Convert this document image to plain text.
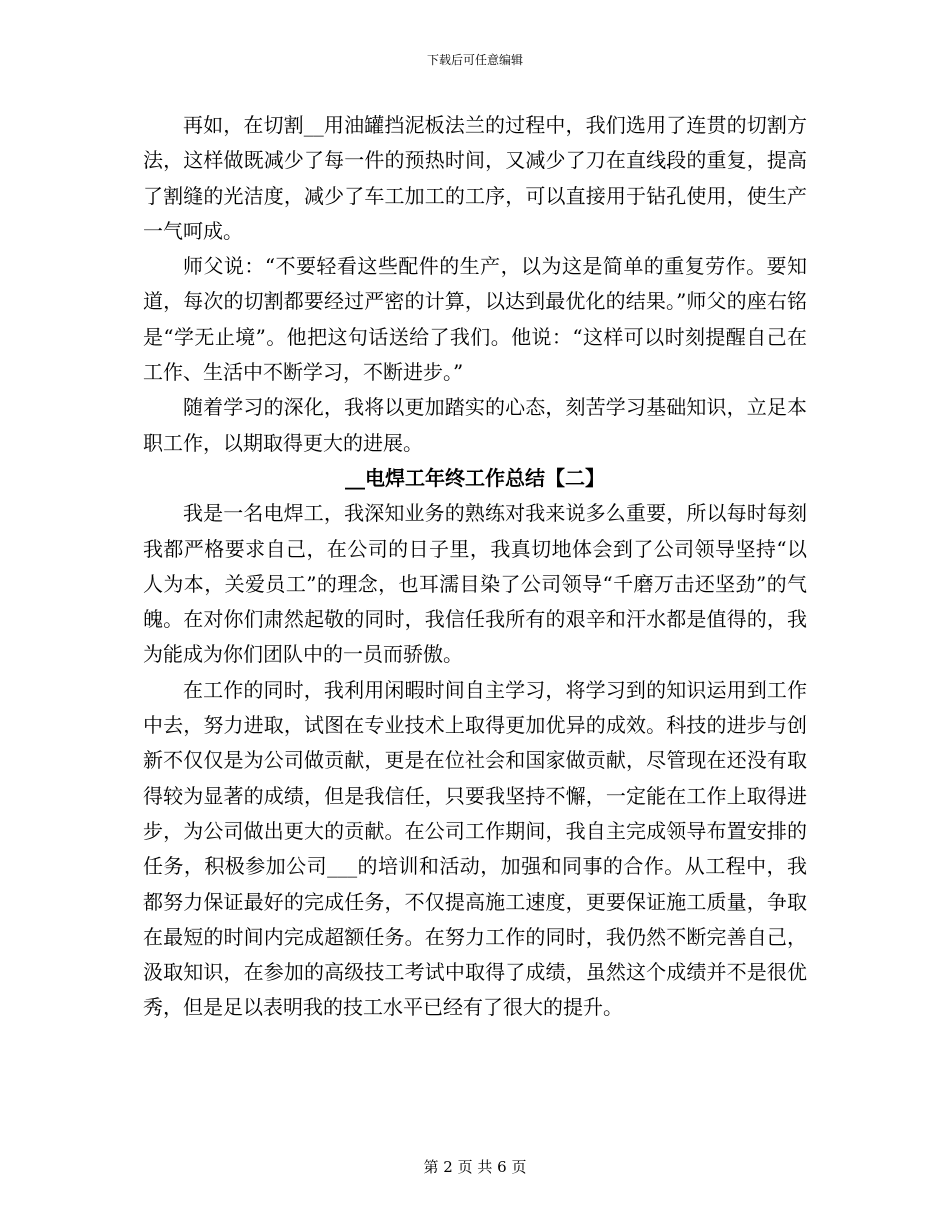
下载后可任意编辑

再如，在切割__用油罐挡泥板法兰的过程中，我们选用了连贯的切割方法，这样做既减少了每一件的预热时间，又减少了刀在直线段的重复，提高了割缝的光洁度，减少了车工加工的工序，可以直接用于钻孔使用，使生产一气呵成。

师父说：“不要轻看这些配件的生产，以为这是简单的重复劳作。要知道，每次的切割都要经过严密的计算，以达到最优化的结果。”师父的座右铭是“学无止境”。他把这句话送给了我们。他说：“这样可以时刻提醒自己在工作、生活中不断学习，不断进步。”

随着学习的深化，我将以更加踏实的心态，刻苦学习基础知识，立足本职工作，以期取得更大的进展。

__电焊工年终工作总结【二】

我是一名电焊工，我深知业务的熟练对我来说多么重要，所以每时每刻我都严格要求自己，在公司的日子里，我真切地体会到了公司领导坚持“以人为本，关爱员工”的理念，也耳濡目染了公司领导“千磨万击还坚劲”的气魄。在对你们肃然起敬的同时，我信任我所有的艰辛和汗水都是值得的，我为能成为你们团队中的一员而骄傲。

在工作的同时，我利用闲暇时间自主学习，将学习到的知识运用到工作中去，努力进取，试图在专业技术上取得更加优异的成效。科技的进步与创新不仅仅是为公司做贡献，更是在位社会和国家做贡献，尽管现在还没有取得较为显著的成绩，但是我信任，只要我坚持不懈，一定能在工作上取得进步，为公司做出更大的贡献。在公司工作期间，我自主完成领导布置安排的任务，积极参加公司___的培训和活动，加强和同事的合作。从工程中，我都努力保证最好的完成任务，不仅提高施工速度，更要保证施工质量，争取在最短的时间内完成超额任务。在努力工作的同时，我仍然不断完善自己，汲取知识，在参加的高级技工考试中取得了成绩，虽然这个成绩并不是很优秀，但是足以表明我的技工水平已经有了很大的提升。

第 2 页 共 6 页
